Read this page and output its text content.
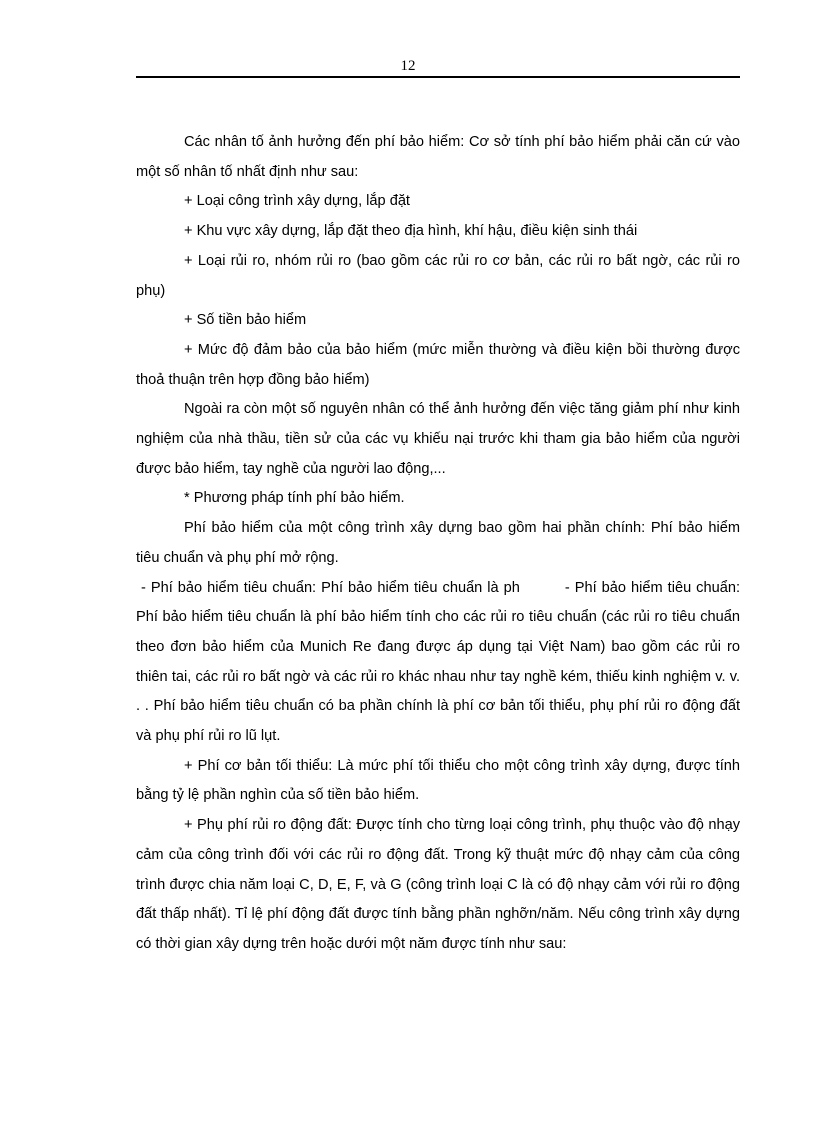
12

Các nhân tố ảnh hưởng đến phí bảo hiểm: Cơ sở tính phí bảo hiểm phải căn cứ vào một số nhân tố nhất định như sau:

+ Loại công trình xây dựng, lắp đặt

+ Khu vực xây dựng, lắp đặt theo địa hình, khí hậu, điều kiện sinh thái

+ Loại rủi ro, nhóm rủi ro (bao gồm các rủi ro cơ bản, các rủi ro bất ngờ, các rủi ro phụ)

+ Số tiền bảo hiểm

+ Mức độ đảm bảo của bảo hiểm (mức miễn thường và điều kiện bồi thường được thoả thuận trên hợp đồng bảo hiểm)

Ngoài ra còn một số nguyên nhân có thể ảnh hưởng đến việc tăng giảm phí như kinh nghiệm của nhà thầu, tiền sử của các vụ khiếu nại trước khi tham gia bảo hiểm của người được bảo hiểm, tay nghề của người lao động,...

* Phương pháp tính phí bảo hiểm.

Phí bảo hiểm của một công trình xây dựng bao gồm hai phần chính: Phí bảo hiểm tiêu chuẩn và phụ phí mở rộng.

- Phí bảo hiểm tiêu chuẩn: Phí bảo hiểm tiêu chuẩn là ph         - Phí bảo hiểm tiêu chuẩn: Phí bảo hiểm tiêu chuẩn là phí bảo hiểm tính cho các rủi ro tiêu chuẩn (các rủi ro tiêu chuẩn theo đơn bảo hiểm của Munich Re đang được áp dụng tại Việt Nam) bao gồm các rủi ro thiên tai, các rủi ro bất ngờ và các rủi ro khác nhau như tay nghề kém, thiếu kinh nghiệm v. v. . . Phí bảo hiểm tiêu chuẩn có ba phần chính là phí cơ bản tối thiểu, phụ phí rủi ro động đất và phụ phí rủi ro lũ lụt.

+ Phí cơ bản tối thiểu: Là mức phí tối thiểu cho một công trình xây dựng, được tính bằng tỷ lệ phần nghìn của số tiền bảo hiểm.

+ Phụ phí rủi ro động đất: Được tính cho từng loại công trình, phụ thuộc vào độ nhạy cảm của công trình đối với các rủi ro động đất. Trong kỹ thuật mức độ nhạy cảm của công trình được chia năm loại C, D, E, F, và G (công trình loại C là có độ nhạy cảm với rủi ro động đất thấp nhất). Tỉ lệ phí động đất được tính bằng phần nghỡn/năm. Nếu công trình xây dựng có thời gian xây dựng trên hoặc dưới một năm được tính như sau:
